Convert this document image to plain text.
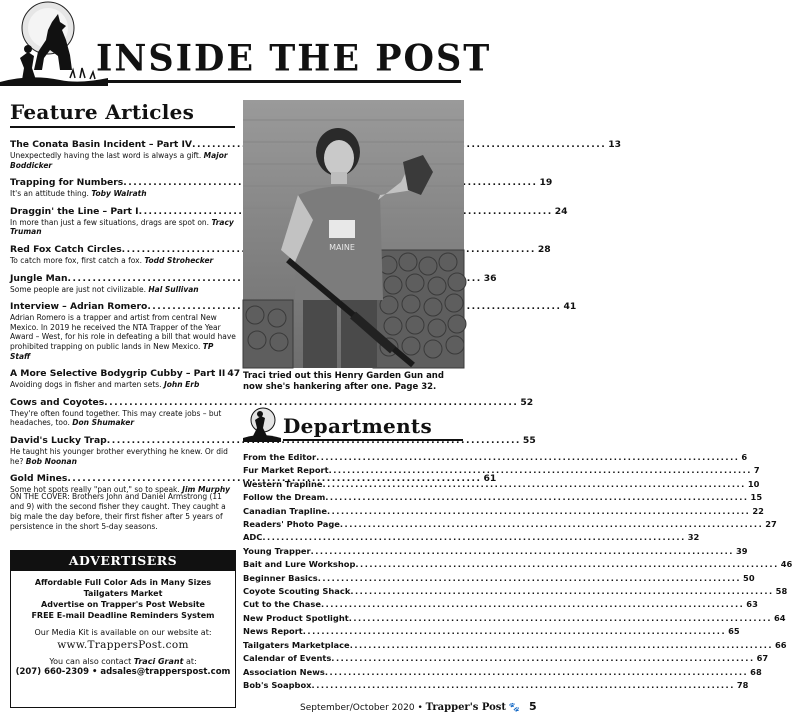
INSIDE THE POST
Feature Articles
The Conata Basin Incident – Part IV .....	13
Unexpectedly having the last word is always a gift. Major Boddicker
Trapping for Numbers .....	19
It's an attitude thing. Toby Walrath
Draggin' the Line – Part I .....	24
In more than just a few situations, drags are spot on. Tracy Truman
Red Fox Catch Circles .....	28
To catch more fox, first catch a fox. Todd Strohecker
Jungle Man .....	36
Some people are just not civilizable. Hal Sullivan
Interview – Adrian Romero .....	41
Adrian Romero is a trapper and artist from central New Mexico. In 2019 he received the NTA Trapper of the Year Award – West, for his role in defeating a bill that would have prohibited trapping on public lands in New Mexico. TP Staff
A More Selective Bodygrip Cubby – Part II 47
Avoiding dogs in fisher and marten sets. John Erb
Cows and Coyotes .....	52
They're often found together. This may create jobs – but headaches, too. Don Shumaker
David's Lucky Trap .....	55
He taught his younger brother everything he knew. Or did he? Bob Noonan
Gold Mines .....	61
Some hot spots really "pan out," so to speak. Jim Murphy
ON THE COVER: Brothers John and Daniel Armstrong (11 and 9) with the second fisher they caught. They caught a big male the day before, their first fisher after 5 years of persistence in the short 5-day seasons.
ADVERTISERS
Affordable Full Color Ads in Many Sizes
Tailgaters Market
Advertise on Trapper's Post Website
FREE E-mail Deadline Reminders System
Our Media Kit is available on our website at:
www.TrappersPost.com
You can also contact Traci Grant at:
(207) 660-2309 • adsales@trapperspost.com
MAINE
Traci tried out this Henry Garden Gun and now she's hankering after one. Page 32.
Departments
From the Editor .....	6
Fur Market Report .....	7
Western Trapline .....	10
Follow the Dream .....	15
Canadian Trapline .....	22
Readers' Photo Page .....	27
ADC .....	32
Young Trapper .....	39
Bait and Lure Workshop .....	46
Beginner Basics .....	50
Coyote Scouting Shack .....	58
Cut to the Chase .....	63
New Product Spotlight .....	64
News Report .....	65
Tailgaters Marketplace .....	66
Calendar of Events .....	67
Association News .....	68
Bob's Soapbox .....	78
September/October 2020 • Trapper's Post 🐾 5
